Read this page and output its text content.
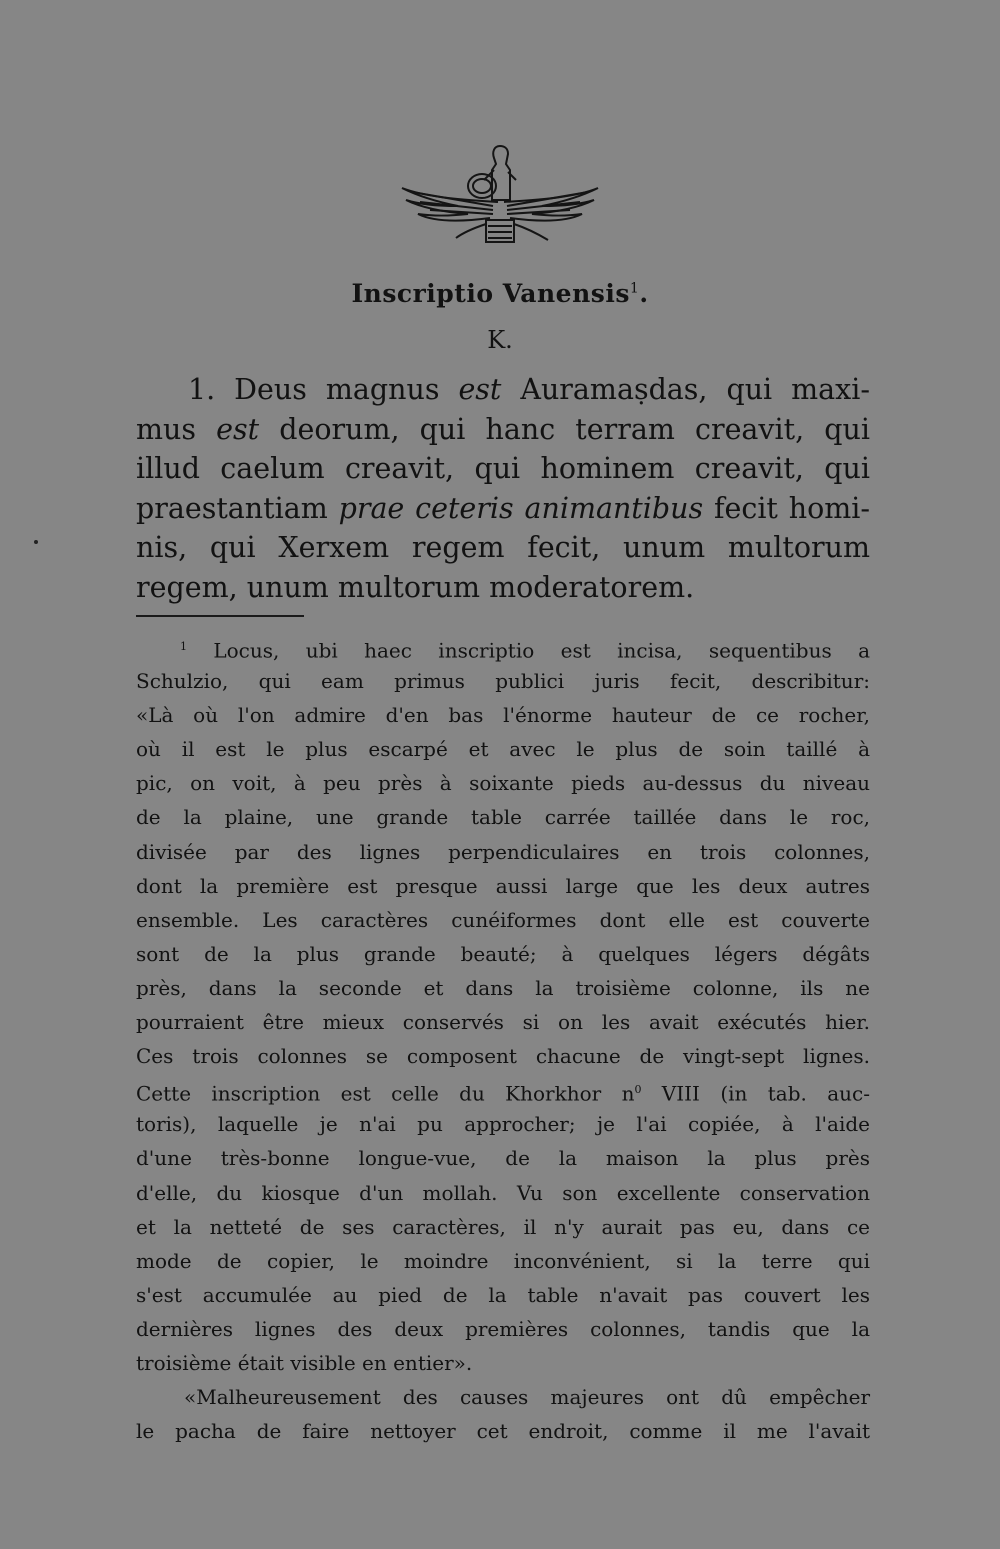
Inscriptio Vanensis$^1$.
K.
1. Deus magnus est Auramaṣdas, qui maxi-
mus est deorum, qui hanc terram creavit, qui
illud caelum creavit, qui hominem creavit, qui
praestantiam prae ceteris animantibus fecit homi-
nis, qui Xerxem regem fecit, unum multorum
regem, unum multorum moderatorem.
$^1$ Locus, ubi haec inscriptio est incisa, sequentibus a
Schulzio, qui eam primus publici juris fecit, describitur:
«Là où l'on admire d'en bas l'énorme hauteur de ce rocher,
où il est le plus escarpé et avec le plus de soin taillé à
pic, on voit, à peu près à soixante pieds au-dessus du niveau
de la plaine, une grande table carrée taillée dans le roc,
divisée par des lignes perpendiculaires en trois colonnes,
dont la première est presque aussi large que les deux autres
ensemble. Les caractères cunéiformes dont elle est couverte
sont de la plus grande beauté; à quelques légers dégâts
près, dans la seconde et dans la troisième colonne, ils ne
pourraient être mieux conservés si on les avait exécutés hier.
Ces trois colonnes se composent chacune de vingt-sept lignes.
Cette inscription est celle du Khorkhor $n^0$ VIII (in tab. auc-
toris), laquelle je n'ai pu approcher; je l'ai copiée, à l'aide
d'une très-bonne longue-vue, de la maison la plus près
d'elle, du kiosque d'un mollah. Vu son excellente conservation
et la netteté de ses caractères, il n'y aurait pas eu, dans ce
mode de copier, le moindre inconvénient, si la terre qui
s'est accumulée au pied de la table n'avait pas couvert les
dernières lignes des deux premières colonnes, tandis que la
troisième était visible en entier».
«Malheureusement des causes majeures ont dû empêcher
le pacha de faire nettoyer cet endroit, comme il me l'avait
